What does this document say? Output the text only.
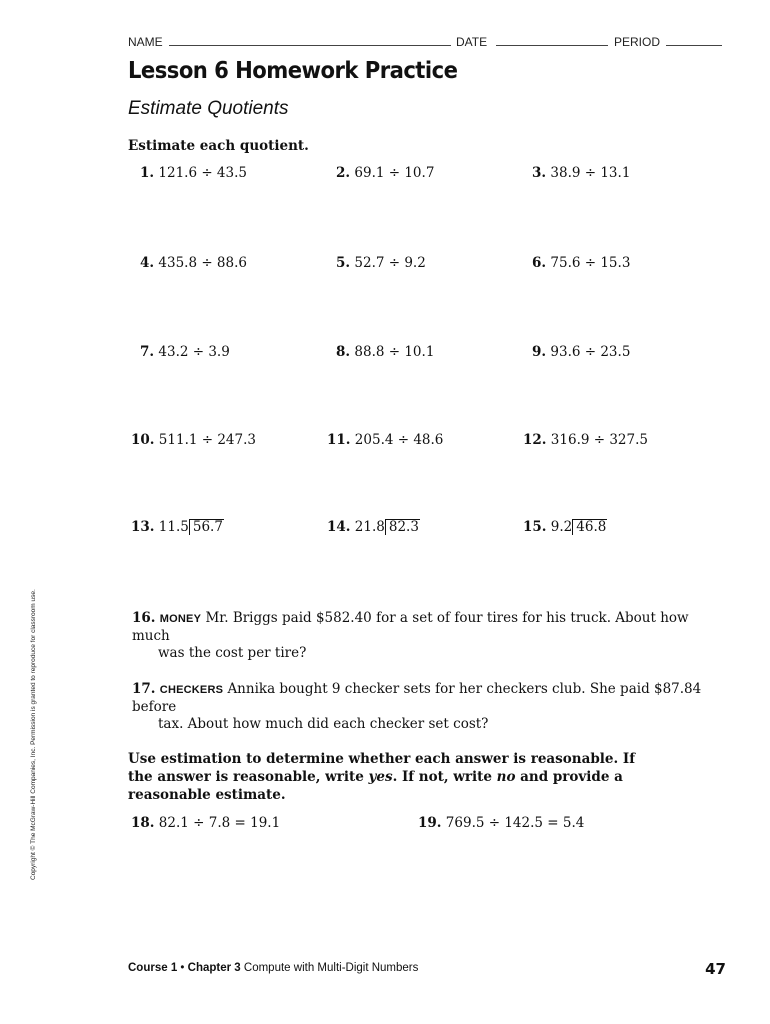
NAME	DATE	PERIOD
Lesson 6 Homework Practice
Estimate Quotients
Estimate each quotient.
1. 121.6 ÷ 43.5	2. 69.1 ÷ 10.7	3. 38.9 ÷ 13.1
4. 435.8 ÷ 88.6	5. 52.7 ÷ 9.2	6. 75.6 ÷ 15.3
7. 43.2 ÷ 3.9	8. 88.8 ÷ 10.1	9. 93.6 ÷ 23.5
10. 511.1 ÷ 247.3	11. 205.4 ÷ 48.6	12. 316.9 ÷ 327.5
13. 11.5 56.7	14. 21.8 82.3	15. 9.2 46.8
16. MONEY Mr. Briggs paid $582.40 for a set of four tires for his truck. About how much
was the cost per tire?
17. CHECKERS Annika bought 9 checker sets for her checkers club. She paid $87.84 before
tax. About how much did each checker set cost?
Use estimation to determine whether each answer is reasonable. If the answer is reasonable, write yes. If not, write no and provide a reasonable estimate.
18. 82.1 ÷ 7.8 = 19.1	19. 769.5 ÷ 142.5 = 5.4
Copyright © The McGraw-Hill Companies, Inc. Permission is granted to reproduce for classroom use.
Course 1 • Chapter 3 Compute with Multi-Digit Numbers	47
